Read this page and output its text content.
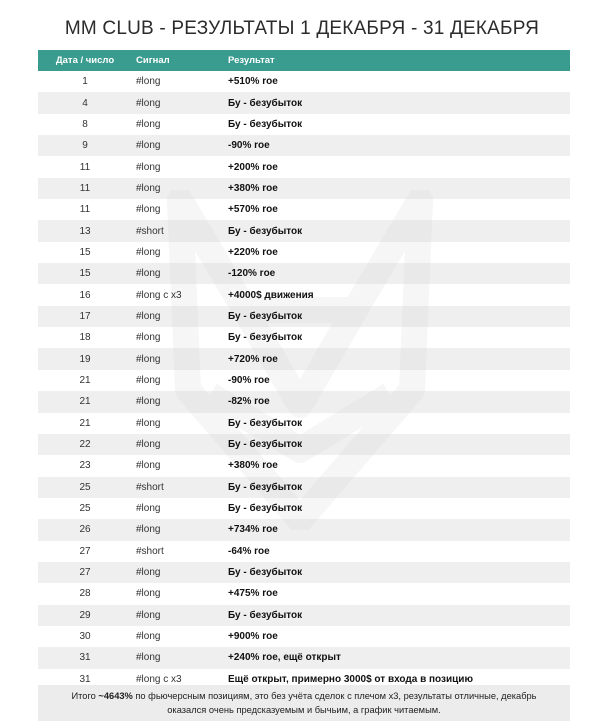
MM CLUB - РЕЗУЛЬТАТЫ 1 ДЕКАБРЯ - 31 ДЕКАБРЯ
Дата / число	Сигнал	Результат
1	#long	+510% roe
4	#long	Бу - безубыток
8	#long	Бу - безубыток
9	#long	-90% roe
11	#long	+200% roe
11	#long	+380% roe
11	#long	+570% roe
13	#short	Бу - безубыток
15	#long	+220% roe
15	#long	-120% roe
16	#long с x3	+4000$ движения
17	#long	Бу - безубыток
18	#long	Бу - безубыток
19	#long	+720% roe
21	#long	-90% roe
21	#long	-82% roe
21	#long	Бу - безубыток
22	#long	Бу - безубыток
23	#long	+380% roe
25	#short	Бу - безубыток
25	#long	Бу - безубыток
26	#long	+734% roe
27	#short	-64% roe
27	#long	Бу - безубыток
28	#long	+475% roe
29	#long	Бу - безубыток
30	#long	+900% roe
31	#long	+240% roe, ещё открыт
31	#long с x3	Ещё открыт, примерно 3000$ от входа в позицию
Итого ~4643% по фьючерсным позициям, это без учёта сделок с плечом x3, результаты отличные, декабрь
оказался очень предсказуемым и бычьим, а график читаемым.
